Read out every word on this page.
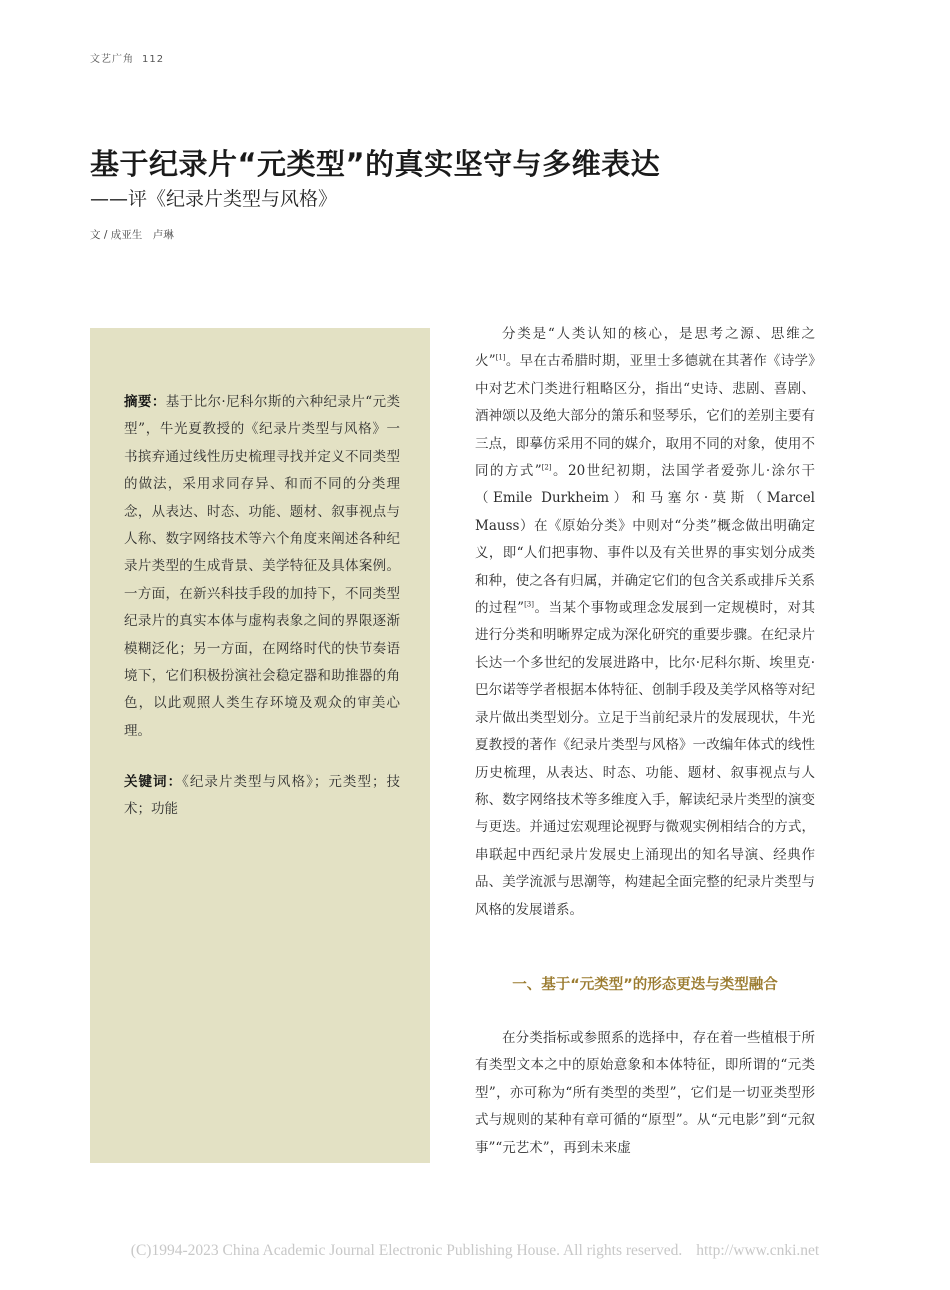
文艺广角 112
基于纪录片“元类型”的真实坚守与多维表达
——评《纪录片类型与风格》
文 / 成亚生　卢琳
摘要：基于比尔·尼科尔斯的六种纪录片“元类型”，牛光夏教授的《纪录片类型与风格》一书摈弃通过线性历史梳理寻找并定义不同类型的做法，采用求同存异、和而不同的分类理念，从表达、时态、功能、题材、叙事视点与人称、数字网络技术等六个角度来阐述各种纪录片类型的生成背景、美学特征及具体案例。一方面，在新兴科技手段的加持下，不同类型纪录片的真实本体与虚构表象之间的界限逐渐模糊泛化；另一方面，在网络时代的快节奏语境下，它们积极扮演社会稳定器和助推器的角色，以此观照人类生存环境及观众的审美心理。
关键词：《纪录片类型与风格》；元类型；技术；功能

分类是“人类认知的核心，是思考之源、思维之火”[1]。早在古希腊时期，亚里士多德就在其著作《诗学》中对艺术门类进行粗略区分，指出“史诗、悲剧、喜剧、酒神颂以及绝大部分的箫乐和竖琴乐，它们的差别主要有三点，即摹仿采用不同的媒介，取用不同的对象，使用不同的方式”[2]。20世纪初期，法国学者爱弥儿·涂尔干（Emile Durkheim）和马塞尔·莫斯（Marcel Mauss）在《原始分类》中则对“分类”概念做出明确定义，即“人们把事物、事件以及有关世界的事实划分成类和种，使之各有归属，并确定它们的包含关系或排斥关系的过程”[3]。当某个事物或理念发展到一定规模时，对其进行分类和明晰界定成为深化研究的重要步骤。在纪录片长达一个多世纪的发展进路中，比尔·尼科尔斯、埃里克·巴尔诺等学者根据本体特征、创制手段及美学风格等对纪录片做出类型划分。立足于当前纪录片的发展现状，牛光夏教授的著作《纪录片类型与风格》一改编年体式的线性历史梳理，从表达、时态、功能、题材、叙事视点与人称、数字网络技术等多维度入手，解读纪录片类型的演变与更迭。并通过宏观理论视野与微观实例相结合的方式，串联起中西纪录片发展史上涌现出的知名导演、经典作品、美学流派与思潮等，构建起全面完整的纪录片类型与风格的发展谱系。

一、基于“元类型”的形态更迭与类型融合

在分类指标或参照系的选择中，存在着一些植根于所有类型文本之中的原始意象和本体特征，即所谓的“元类型”，亦可称为“所有类型的类型”，它们是一切亚类型形式与规则的某种有章可循的“原型”。从“元电影”到“元叙事”“元艺术”，再到未来虚

(C)1994-2023 China Academic Journal Electronic Publishing House. All rights reserved. http://www.cnki.net
